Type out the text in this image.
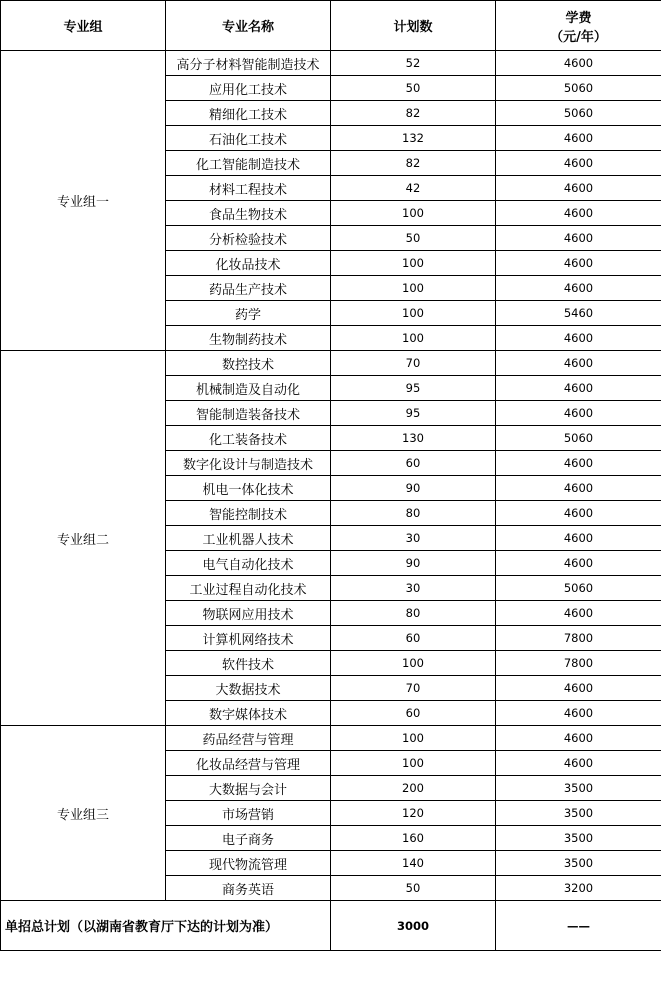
专业组	专业名称	计划数	学费
（元/年）

专业组一	高分子材料智能制造技术	52	4600
	应用化工技术	50	5060
	精细化工技术	82	5060
	石油化工技术	132	4600
	化工智能制造技术	82	4600
	材料工程技术	42	4600
	食品生物技术	100	4600
	分析检验技术	50	4600
	化妆品技术	100	4600
	药品生产技术	100	4600
	药学	100	5460
	生物制药技术	100	4600
专业组二	数控技术	70	4600
	机械制造及自动化	95	4600
	智能制造装备技术	95	4600
	化工装备技术	130	5060
	数字化设计与制造技术	60	4600
	机电一体化技术	90	4600
	智能控制技术	80	4600
	工业机器人技术	30	4600
	电气自动化技术	90	4600
	工业过程自动化技术	30	5060
	物联网应用技术	80	4600
	计算机网络技术	60	7800
	软件技术	100	7800
	大数据技术	70	4600
	数字媒体技术	60	4600
专业组三	药品经营与管理	100	4600
	化妆品经营与管理	100	4600
	大数据与会计	200	3500
	市场营销	120	3500
	电子商务	160	3500
	现代物流管理	140	3500
	商务英语	50	3200
单招总计划（以湖南省教育厅下达的计划为准）		3000	——
